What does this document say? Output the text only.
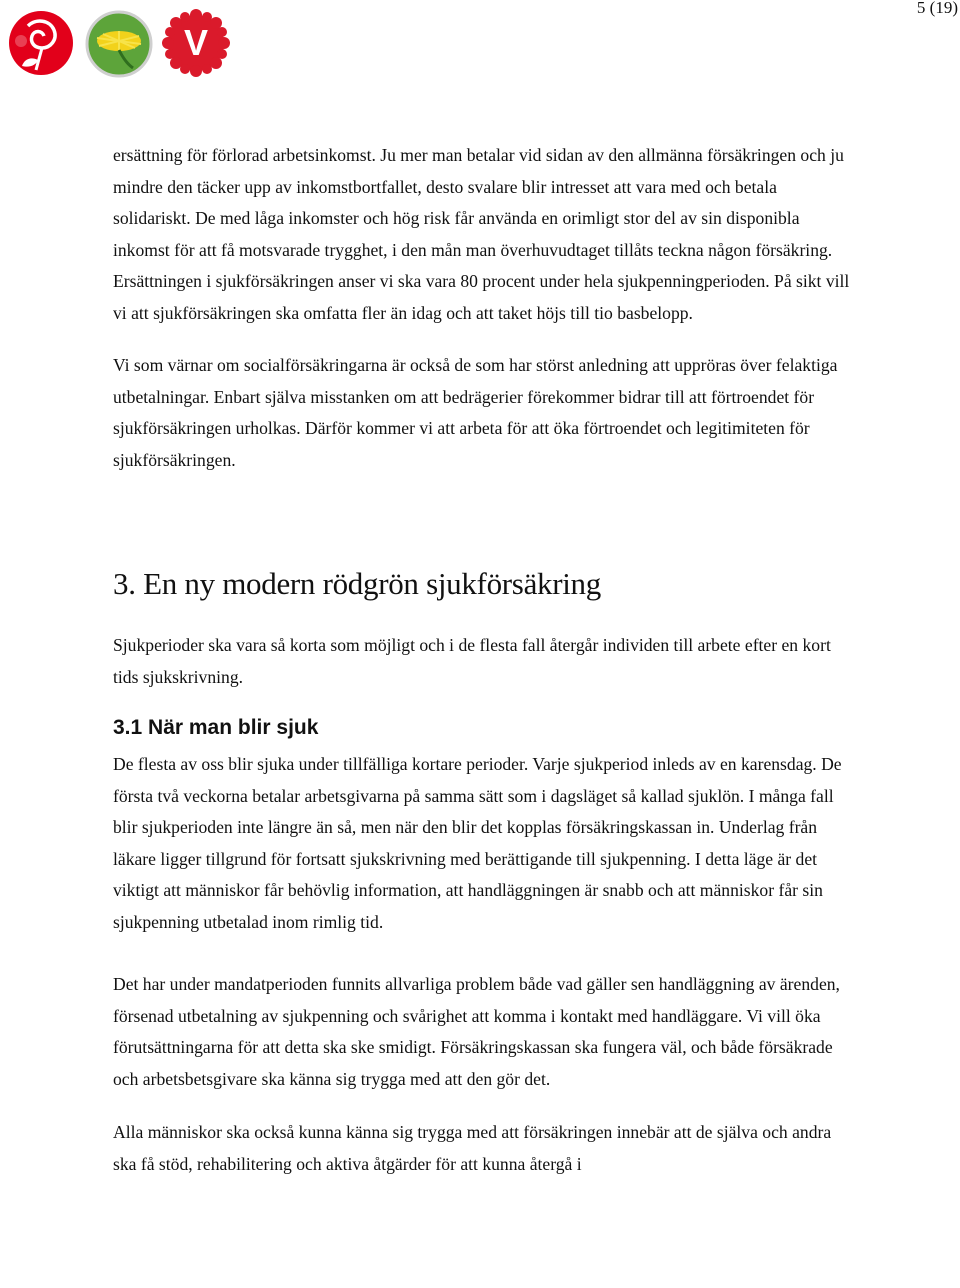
V
5 (19)

ersättning för förlorad arbetsinkomst. Ju mer man betalar vid sidan av den allmänna försäkringen och ju mindre den täcker upp av inkomstbortfallet, desto svalare blir intresset att vara med och betala solidariskt. De med låga inkomster och hög risk får använda en orimligt stor del av sin disponibla inkomst för att få motsvarade trygghet, i den mån man överhuvudtaget tillåts teckna någon försäkring. Ersättningen i sjukförsäkringen anser vi ska vara 80 procent under hela sjukpenningperioden. På sikt vill vi att sjukförsäkringen ska omfatta fler än idag och att taket höjs till tio basbelopp.

Vi som värnar om socialförsäkringarna är också de som har störst anledning att uppröras över felaktiga utbetalningar. Enbart själva misstanken om att bedrägerier förekommer bidrar till att förtroendet för sjukförsäkringen urholkas. Därför kommer vi att arbeta för att öka förtroendet och legitimiteten för sjukförsäkringen.

3. En ny modern rödgrön sjukförsäkring

Sjukperioder ska vara så korta som möjligt och i de flesta fall återgår individen till arbete efter en kort tids sjukskrivning.

3.1 När man blir sjuk

De flesta av oss blir sjuka under tillfälliga kortare perioder. Varje sjukperiod inleds av en karensdag. De första två veckorna betalar arbetsgivarna på samma sätt som i dagsläget så kallad sjuklön. I många fall blir sjukperioden inte längre än så, men när den blir det kopplas försäkringskassan in. Underlag från läkare ligger tillgrund för fortsatt sjukskrivning med berättigande till sjukpenning. I detta läge är det viktigt att människor får behövlig information, att handläggningen är snabb och att människor får sin sjukpenning utbetalad inom rimlig tid.

Det har under mandatperioden funnits allvarliga problem både vad gäller sen handläggning av ärenden, försenad utbetalning av sjukpenning och svårighet att komma i kontakt med handläggare. Vi vill öka förutsättningarna för att detta ska ske smidigt. Försäkringskassan ska fungera väl, och både försäkrade och arbetsbetsgivare ska känna sig trygga med att den gör det.

Alla människor ska också kunna känna sig trygga med att försäkringen innebär att de själva och andra ska få stöd, rehabilitering och aktiva åtgärder för att kunna återgå i
